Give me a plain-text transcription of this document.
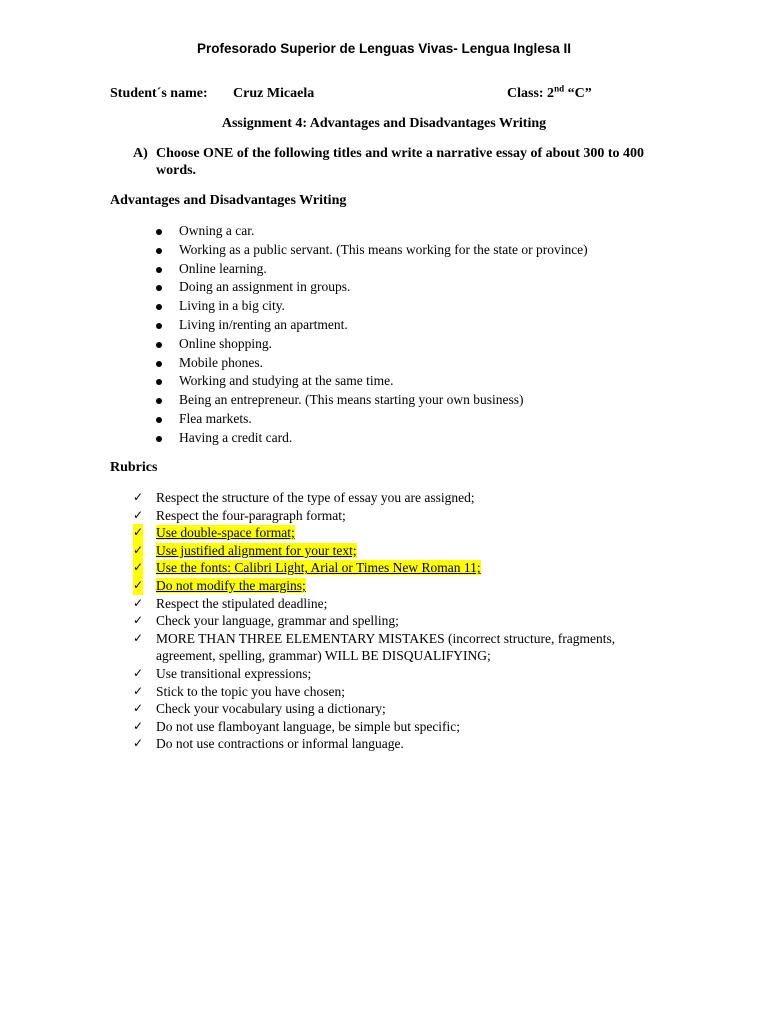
Profesorado Superior de Lenguas Vivas- Lengua Inglesa II
Student´s name: Cruz Micaela	Class: 2nd “C”
Assignment 4: Advantages and Disadvantages Writing
A) Choose ONE of the following titles and write a narrative essay of about 300 to 400
words.
Advantages and Disadvantages Writing
Owning a car.
Working as a public servant. (This means working for the state or province)
Online learning.
Doing an assignment in groups.
Living in a big city.
Living in/renting an apartment.
Online shopping.
Mobile phones.
Working and studying at the same time.
Being an entrepreneur. (This means starting your own business)
Flea markets.
Having a credit card.
Rubrics
✓ Respect the structure of the type of essay you are assigned;
✓ Respect the four-paragraph format;
✓ Use double-space format;
✓ Use justified alignment for your text;
✓ Use the fonts: Calibri Light, Arial or Times New Roman 11;
✓ Do not modify the margins;
✓ Respect the stipulated deadline;
✓ Check your language, grammar and spelling;
✓ MORE THAN THREE ELEMENTARY MISTAKES (incorrect structure, fragments, agreement, spelling, grammar) WILL BE DISQUALIFYING;
✓ Use transitional expressions;
✓ Stick to the topic you have chosen;
✓ Check your vocabulary using a dictionary;
✓ Do not use flamboyant language, be simple but specific;
✓ Do not use contractions or informal language.
